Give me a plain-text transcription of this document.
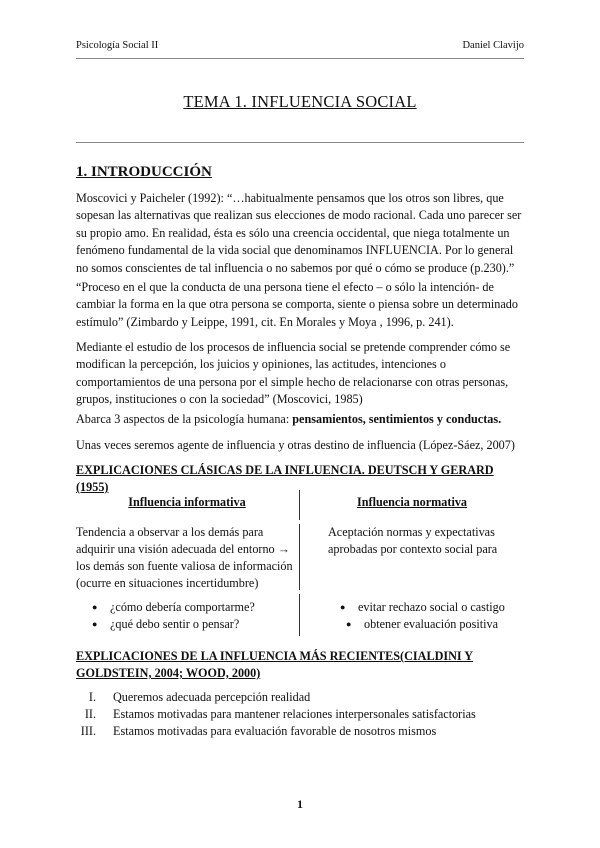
Psicología Social II	Daniel Clavijo
TEMA 1. INFLUENCIA SOCIAL
1. INTRODUCCIÓN

Moscovici y Paicheler (1992): “…habitualmente pensamos que los otros son libres, que sopesan las alternativas que realizan sus elecciones de modo racional. Cada uno parecer ser su propio amo. En realidad, ésta es sólo una creencia occidental, que niega totalmente un fenómeno fundamental de la vida social que denominamos INFLUENCIA. Por lo general no somos conscientes de tal influencia o no sabemos por qué o cómo se produce (p.230).”

“Proceso en el que la conducta de una persona tiene el efecto – o sólo la intención- de cambiar la forma en la que otra persona se comporta, siente o piensa sobre un determinado estímulo” (Zimbardo y Leippe, 1991, cit. En Morales y Moya , 1996, p. 241).

Mediante el estudio de los procesos de influencia social se pretende comprender cómo se modifican la percepción, los juicios y opiniones, las actitudes, intenciones o comportamientos de una persona por el simple hecho de relacionarse con otras personas, grupos, instituciones o con la sociedad” (Moscovici, 1985)

Abarca 3 aspectos de la psicología humana: pensamientos, sentimientos y conductas.

Unas veces seremos agente de influencia y otras destino de influencia (López-Sáez, 2007)

EXPLICACIONES CLÁSICAS DE LA INFLUENCIA. DEUTSCH Y GERARD (1955)
Influencia informativa	Influencia normativa

Tendencia a observar a los demás para adquirir una visión adecuada del entorno → los demás son fuente valiosa de información (ocurre en situaciones incertidumbre)

Aceptación normas y expectativas aprobadas por contexto social para

● ¿cómo debería comportarme?
● ¿qué debo sentir o pensar?
● evitar rechazo social o castigo
● obtener evaluación positiva
EXPLICACIONES DE LA INFLUENCIA MÁS RECIENTES(CIALDINI Y GOLDSTEIN, 2004; WOOD, 2000)
I. Queremos adecuada percepción realidad
II. Estamos motivadas para mantener relaciones interpersonales satisfactorias
III. Estamos motivadas para evaluación favorable de nosotros mismos
1
